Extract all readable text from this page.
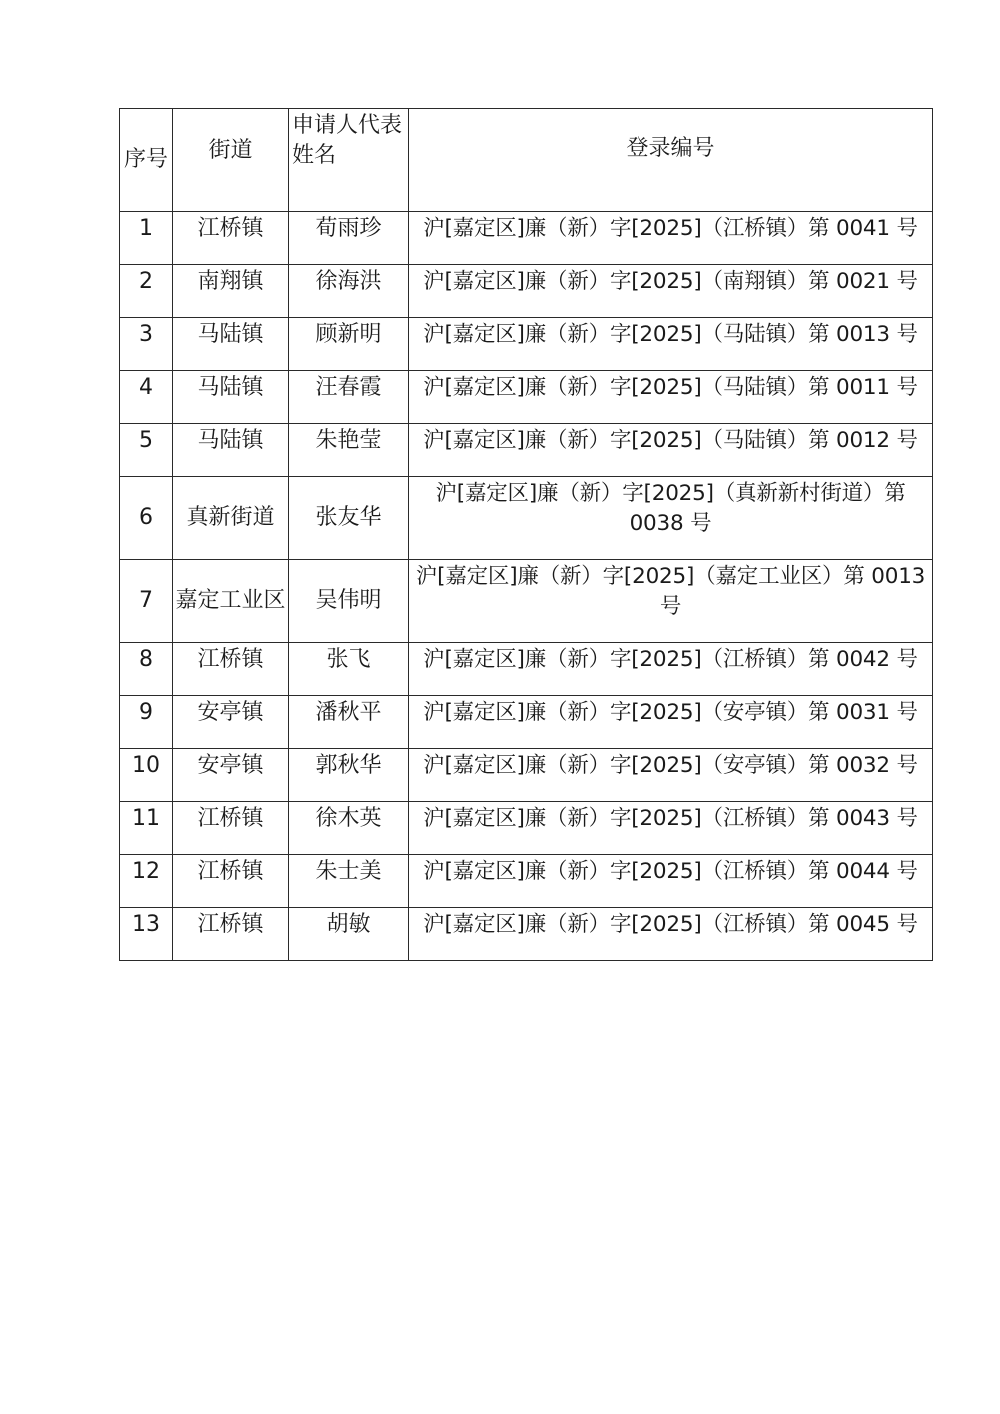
序号	街道	申请人代表姓名	登录编号
1	江桥镇	荀雨珍	沪[嘉定区]廉（新）字[2025]（江桥镇）第 0041 号
2	南翔镇	徐海洪	沪[嘉定区]廉（新）字[2025]（南翔镇）第 0021 号
3	马陆镇	顾新明	沪[嘉定区]廉（新）字[2025]（马陆镇）第 0013 号
4	马陆镇	汪春霞	沪[嘉定区]廉（新）字[2025]（马陆镇）第 0011 号
5	马陆镇	朱艳莹	沪[嘉定区]廉（新）字[2025]（马陆镇）第 0012 号
6	真新街道	张友华	沪[嘉定区]廉（新）字[2025]（真新新村街道）第 0038 号
7	嘉定工业区	吴伟明	沪[嘉定区]廉（新）字[2025]（嘉定工业区）第 0013 号
8	江桥镇	张飞	沪[嘉定区]廉（新）字[2025]（江桥镇）第 0042 号
9	安亭镇	潘秋平	沪[嘉定区]廉（新）字[2025]（安亭镇）第 0031 号
10	安亭镇	郭秋华	沪[嘉定区]廉（新）字[2025]（安亭镇）第 0032 号
11	江桥镇	徐木英	沪[嘉定区]廉（新）字[2025]（江桥镇）第 0043 号
12	江桥镇	朱士美	沪[嘉定区]廉（新）字[2025]（江桥镇）第 0044 号
13	江桥镇	胡敏	沪[嘉定区]廉（新）字[2025]（江桥镇）第 0045 号
